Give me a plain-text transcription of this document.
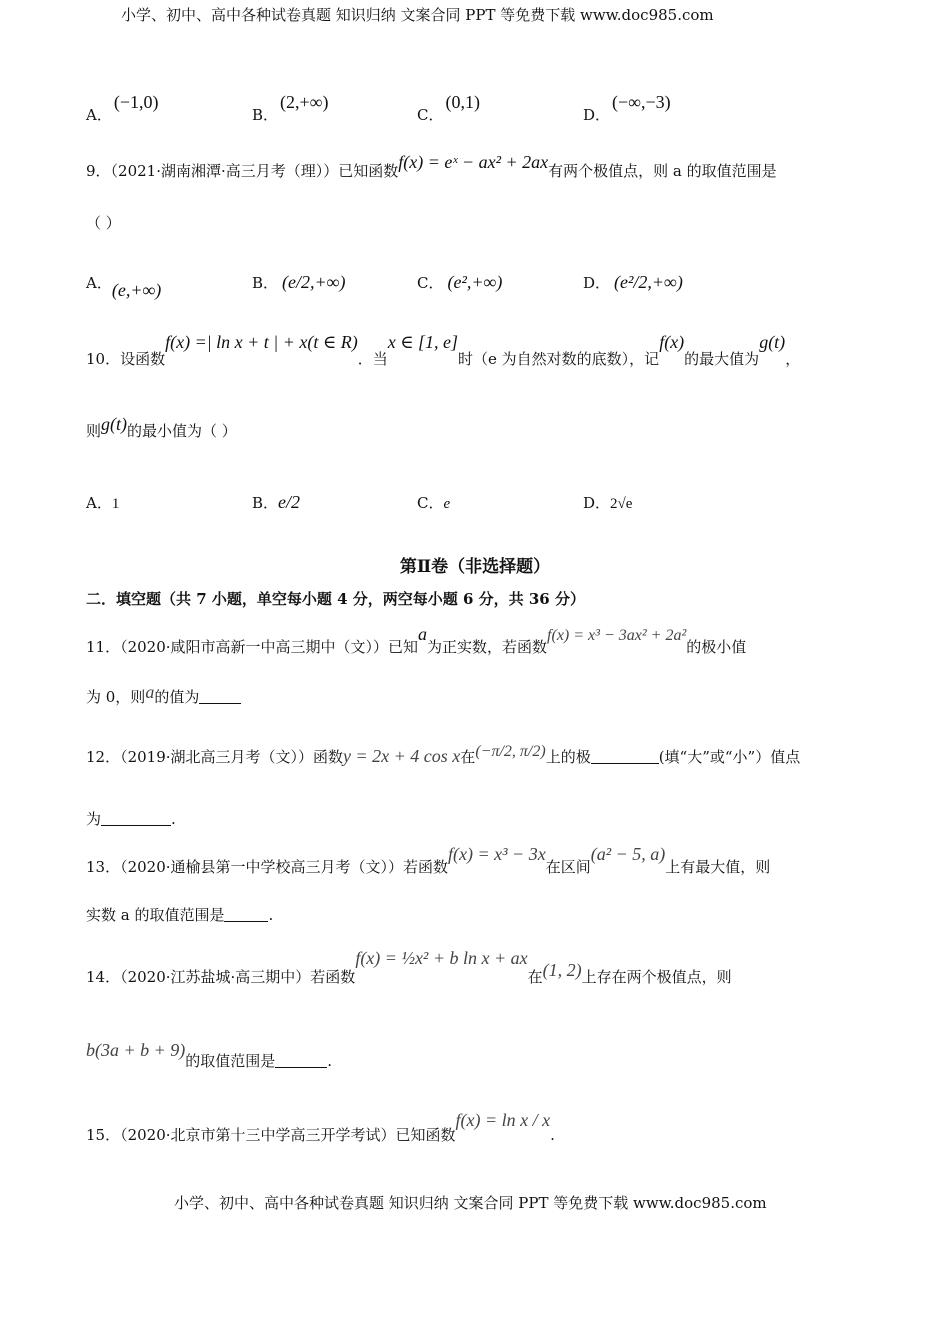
小学、初中、高中各种试卷真题 知识归纳 文案合同 PPT 等免费下载 www.doc985.com
A．(−1,0)
B．(2,+∞)
C．(0,1)
D．(−∞,−3)
9．（2021·湖南湘潭·高三月考（理））已知函数f(x) = eˣ − ax² + 2ax有两个极值点，则 a 的取值范围是
（ ）
A．(e,+∞)	B． (e/2,+∞)	C． (e²,+∞)	D． (e²/2,+∞)
10．设函数f(x) =| ln x + t | + x(t ∈ R)．当x ∈ [1, e]时（e 为自然对数的底数），记f(x)的最大值为g(t)，
则g(t)的最小值为（ ）
A．1	B．e/2	C．e	D．2√e
第Ⅱ卷（非选择题）
二．填空题（共 7 小题，单空每小题 4 分，两空每小题 6 分，共 36 分）
11．（2020·咸阳市高新一中高三期中（文））已知a为正实数，若函数f(x) = x³ − 3ax² + 2a²的极小值
为 0，则a的值为
12．（2019·湖北高三月考（文））函数y = 2x + 4 cos x在(−π/2, π/2)上的极	(填“大”或“小”）值点
为	.
13．（2020·通榆县第一中学校高三月考（文））若函数f(x) = x³ − 3x在区间(a² − 5, a)上有最大值，则
实数 a 的取值范围是	.
14．（2020·江苏盐城·高三期中）若函数f(x) = ½x² + b ln x + ax在(1, 2)上存在两个极值点，则
b(3a + b + 9)的取值范围是	.
15．（2020·北京市第十三中学高三开学考试）已知函数f(x) = ln x / x.
小学、初中、高中各种试卷真题 知识归纳 文案合同 PPT 等免费下载 www.doc985.com
